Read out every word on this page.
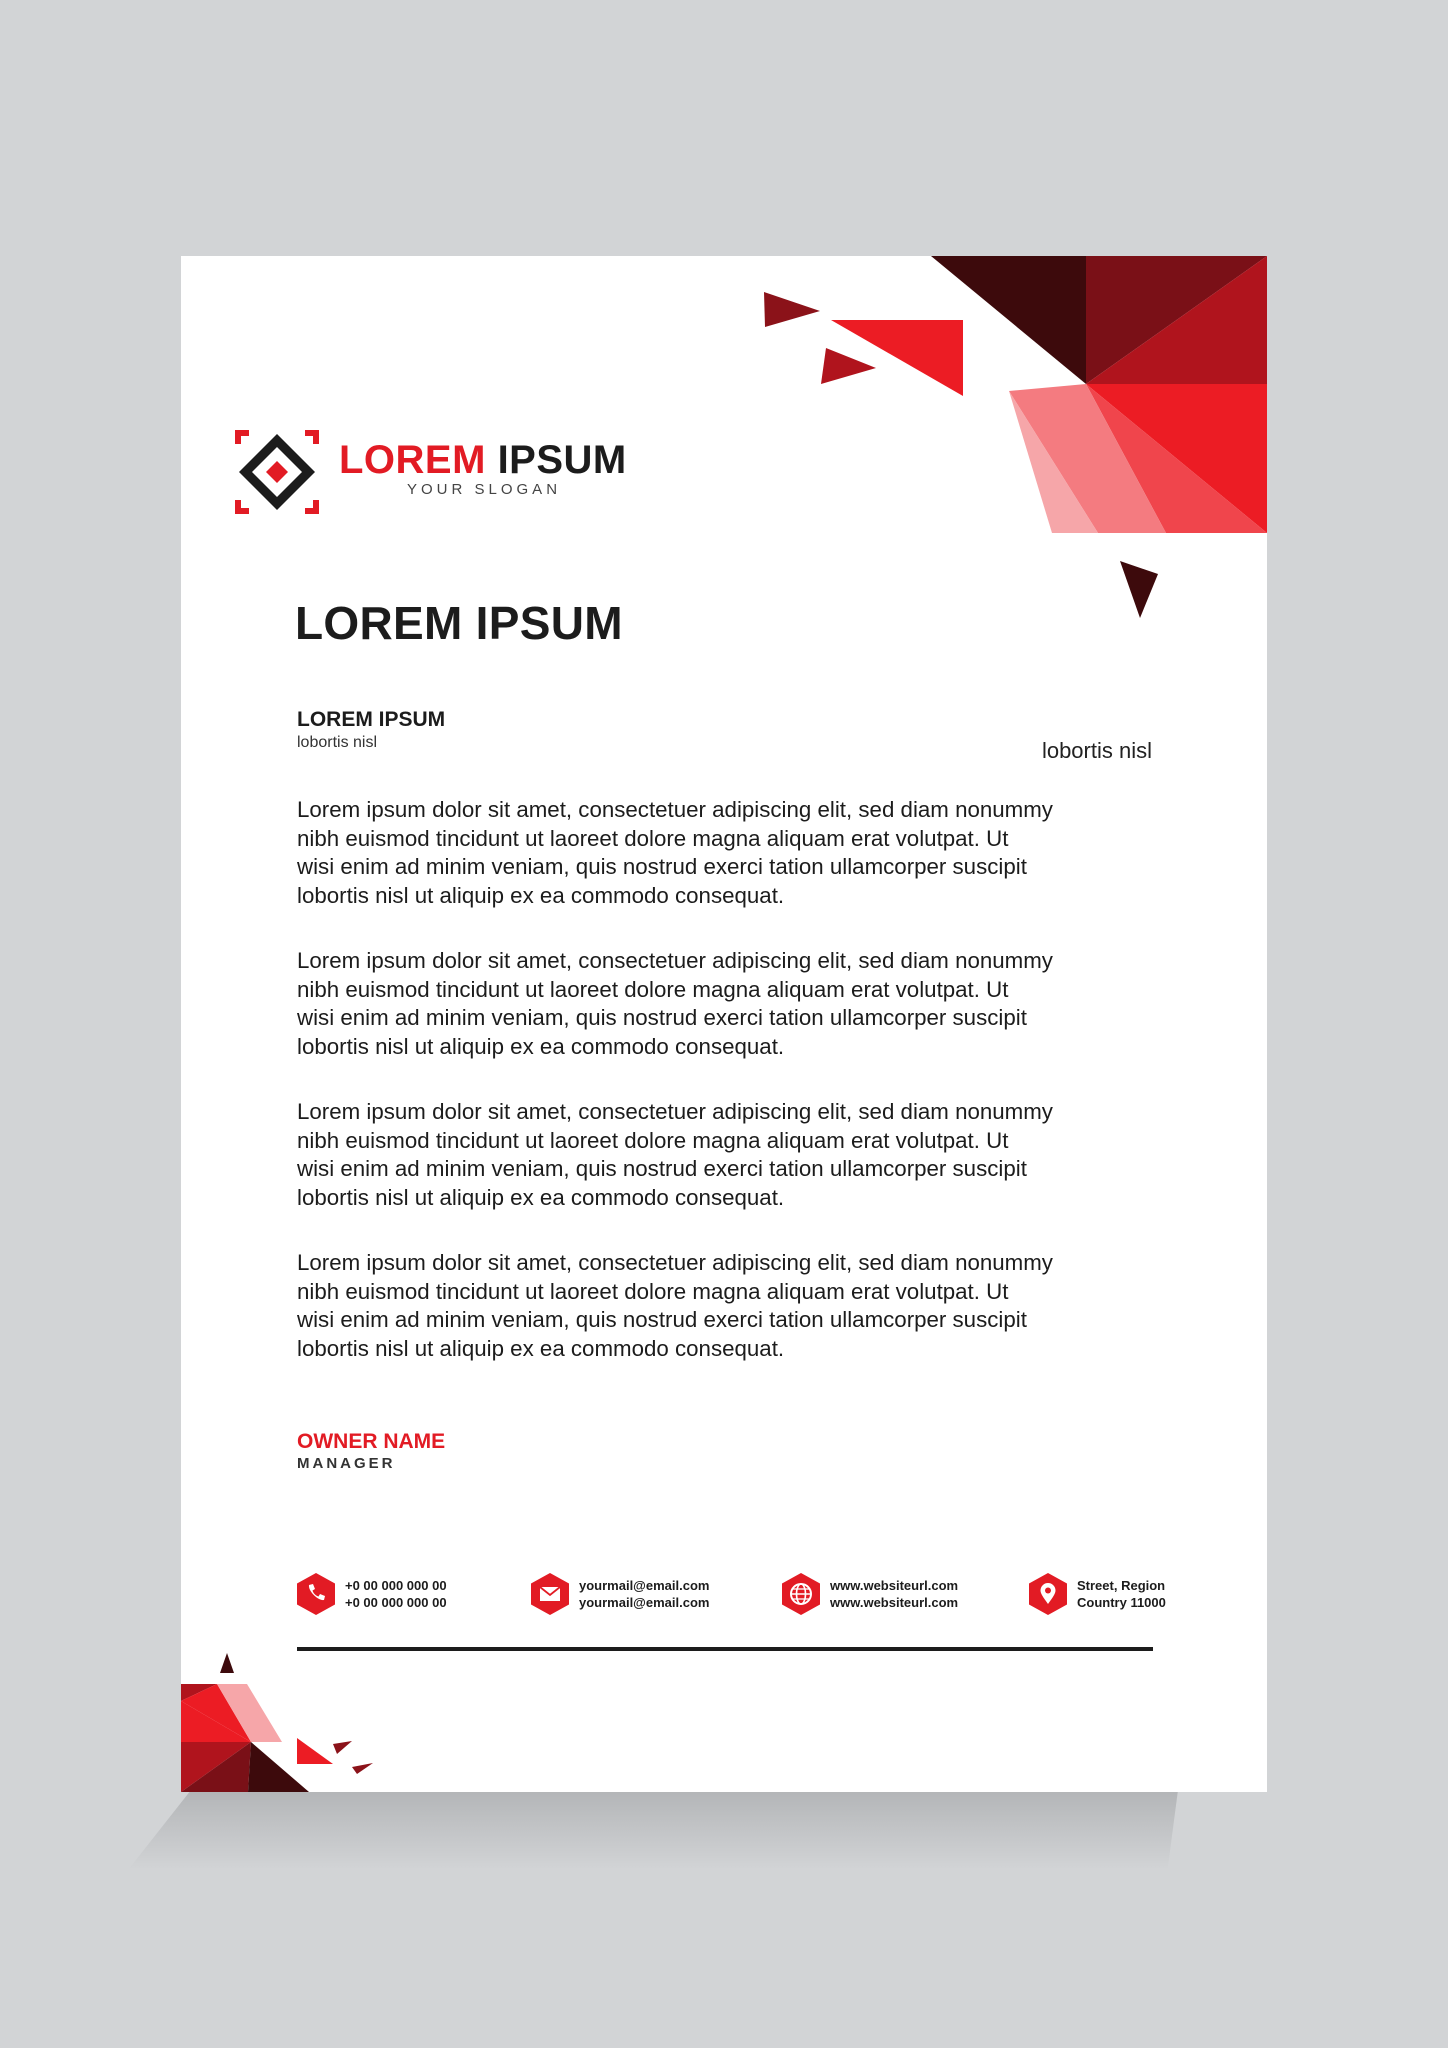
LOREM IPSUM
YOUR SLOGAN
LOREM IPSUM
LOREM IPSUM
lobortis nisl	lobortis nisl

Lorem ipsum dolor sit amet, consectetuer adipiscing elit, sed diam nonummy
nibh euismod tincidunt ut laoreet dolore magna aliquam erat volutpat. Ut
wisi enim ad minim veniam, quis nostrud exerci tation ullamcorper suscipit
lobortis nisl ut aliquip ex ea commodo consequat.

Lorem ipsum dolor sit amet, consectetuer adipiscing elit, sed diam nonummy
nibh euismod tincidunt ut laoreet dolore magna aliquam erat volutpat. Ut
wisi enim ad minim veniam, quis nostrud exerci tation ullamcorper suscipit
lobortis nisl ut aliquip ex ea commodo consequat.

Lorem ipsum dolor sit amet, consectetuer adipiscing elit, sed diam nonummy
nibh euismod tincidunt ut laoreet dolore magna aliquam erat volutpat. Ut
wisi enim ad minim veniam, quis nostrud exerci tation ullamcorper suscipit
lobortis nisl ut aliquip ex ea commodo consequat.

Lorem ipsum dolor sit amet, consectetuer adipiscing elit, sed diam nonummy
nibh euismod tincidunt ut laoreet dolore magna aliquam erat volutpat. Ut
wisi enim ad minim veniam, quis nostrud exerci tation ullamcorper suscipit
lobortis nisl ut aliquip ex ea commodo consequat.

OWNER NAME
MANAGER
+0 00 000 000 00
+0 00 000 000 00
yourmail@email.com
yourmail@email.com
www.websiteurl.com
www.websiteurl.com
Street, Region
Country 11000
